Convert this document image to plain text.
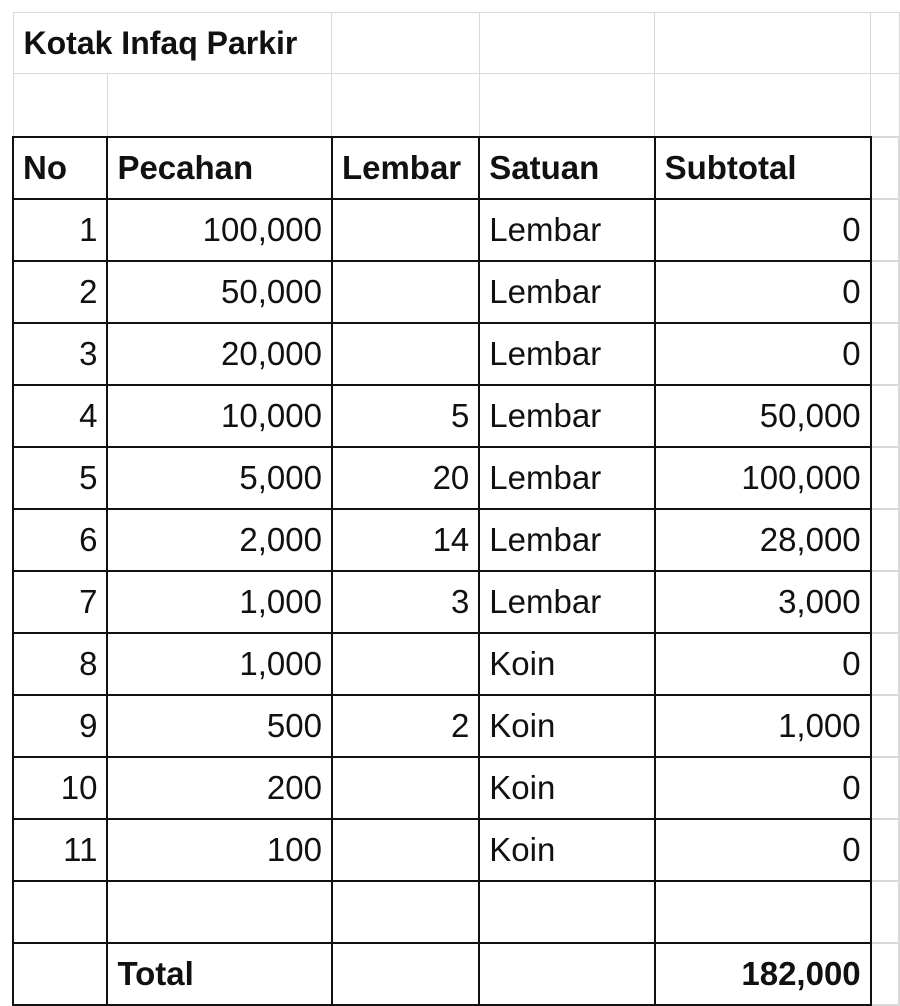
Kotak Infaq Parkir					

No	Pecahan	Lembar	Satuan	Subtotal	
1	100,000		Lembar	0	
2	50,000		Lembar	0	
3	20,000		Lembar	0	
4	10,000	5	Lembar	50,000	
5	5,000	20	Lembar	100,000	
6	2,000	14	Lembar	28,000	
7	1,000	3	Lembar	3,000	
8	1,000		Koin	0	
9	500	2	Koin	1,000	
10	200		Koin	0	
11	100		Koin	0	

	Total			182,000	
